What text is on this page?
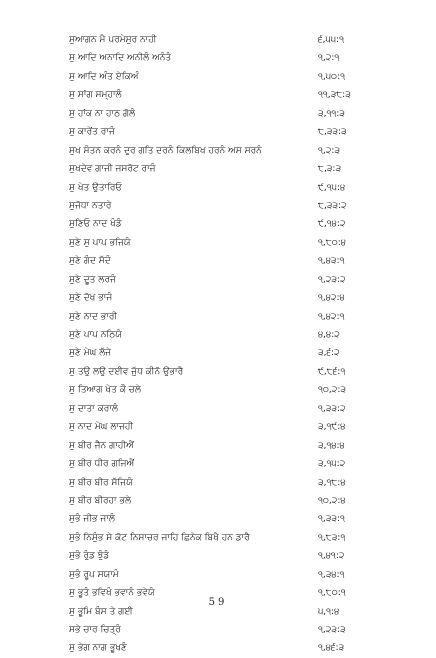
ਸੁਆਗਨ ਮੈ ਪਰਮੇਸੁਰ ਨਾਹੀ	੬,੫੫:੧
ਸੁ ਆਦਿ ਅਨਾਦਿ ਅਨੀਲੰ ਅਨੰਤੰ	੧,੨:੧
ਸੁ ਆਦਿ ਅੰਤ ਏਕਿਅੰ	੧,੫੦:੧
ਸੁ ਸਾਂਗ ਸਮ੍ਹਾਲੰ	੧੧,੩੮:੩
ਸੁ ਹਾਂਕ ਨਾ ਹਾਠ ਗੋਲੰ	੩,੧੧:੩
ਸੁ ਕਾਰੇਂਤ ਰਾਜੰ	੮,੩੩:੩
ਸੁਖ ਸੰਤਨ ਕਰਨੰ ਦੁਰ ਗਤਿ ਦਰਨੰ ਕਿਲਬਿਖ ਹਰਨੰ ਅਸ ਸਰਨੰ	੧,੨:੩
ਸੁਖਦੇਵ ਗਾਜੀ ਜਸਰੋਟ ਰਾਜੰ	੮,੩:੩
ਸੁ ਖੇਤ ਉਤਾਰਿਓ	੯,੧੫:੪
ਸੁਜੋਧਾ ਨਤਾਰੇ	੮,੩੩:੨
ਸੁਣਿਓ ਨਾਦ ਖੰਡੰ	੯,੧੪:੨
ਸੁਣੇ ਸੁ ਪਾਪ ਭਜਿਯੰ	੧,੮੦:੪
ਸੁਣੇ ਗੰਦ ਸੱਦੰ	੧,੪੩:੧
ਸੁਣੇ ਦੂਤ ਲਰਜੰ	੧,੨੩:੨
ਸੁਣੇ ਦੋਖ ਭਾਜੰ	੧,੪੨:੪
ਸੁਣੇ ਨਾਦ ਭਾਰੀ	੧,੪੨:੧
ਸੁਣੇ ਪਾਪ ਨਠਿਯੰ	੪,੪:੨
ਸੁਣੇ ਮੇਘ ਲੱਜੇ	੩,੬:੨
ਸੁ ਤਉ ਲਉ ਦਈਵ ਜੁੱਧ ਕੀਨੋ ਉਭਾਰੈ	੯,੮੬:੧
ਸੁ ਤਿਆਗ ਖੇਤ ਕੌ ਚਲੇ	੧੦,੨:੩
ਸੁ ਦਾਤਾ ਕਰਾਲੰ	੧,੩੩:੨
ਸੁ ਨਾਦ ਮੇਘ ਲਾਜਹੀ	੩,੧੯:੪
ਸੁ ਬੀਰ ਜੈਨ ਗਾਹੀਐਂ	੩,੧੪:੪
ਸੁ ਬੀਰ ਧੀਰ ਗਜਿਐਂ	੩,੧੫:੨
ਸੁ ਬੀਰ ਬੀਰ ਸੱਜਿਯੰ	੩,੧੮:੪
ਸੁ ਬੀਰ ਬੀਰਹਾ ਭਲੇ	੧੦,੨:੪
ਸੁਭੰ ਜੀਭ ਜਾਲੰ	੧,੩੩:੧
ਸੁਭੰ ਨਿਸੁੰਭ ਸੇ ਕੋਟ ਨਿਸਾਚਰ ਜਾਹਿ ਛਿਨੇਕ ਬਿਖੈ ਹਨ ਡਾਰੈ	੧,੮੩:੧
ਸੁਭੰ ਰੁੰਡ ਝੁੰਡੰ	੧,੪੧:੨
ਸੁਭੰ ਰੂਪ ਸਯਾਮੰ	੧,੩੪:੧
ਸੁ ਭੂਤੰ ਭਵਿਖੰ ਭਵਾਨੰ ਭਵੇਯੰ	੧,੮੦:੧
ਸੁ ਭੂਮਿ ਬੰਸ ਤੇ ਗਈ	੫,੧:੪
ਸਭੇ ਚਾਰ ਚਿਤ੍ਰੰ	੧,੨੩:੩
ਸੁ ਭੇਗ ਨਾਗ ਭੂਖਣੰ	੧,੪੬:੩
59
